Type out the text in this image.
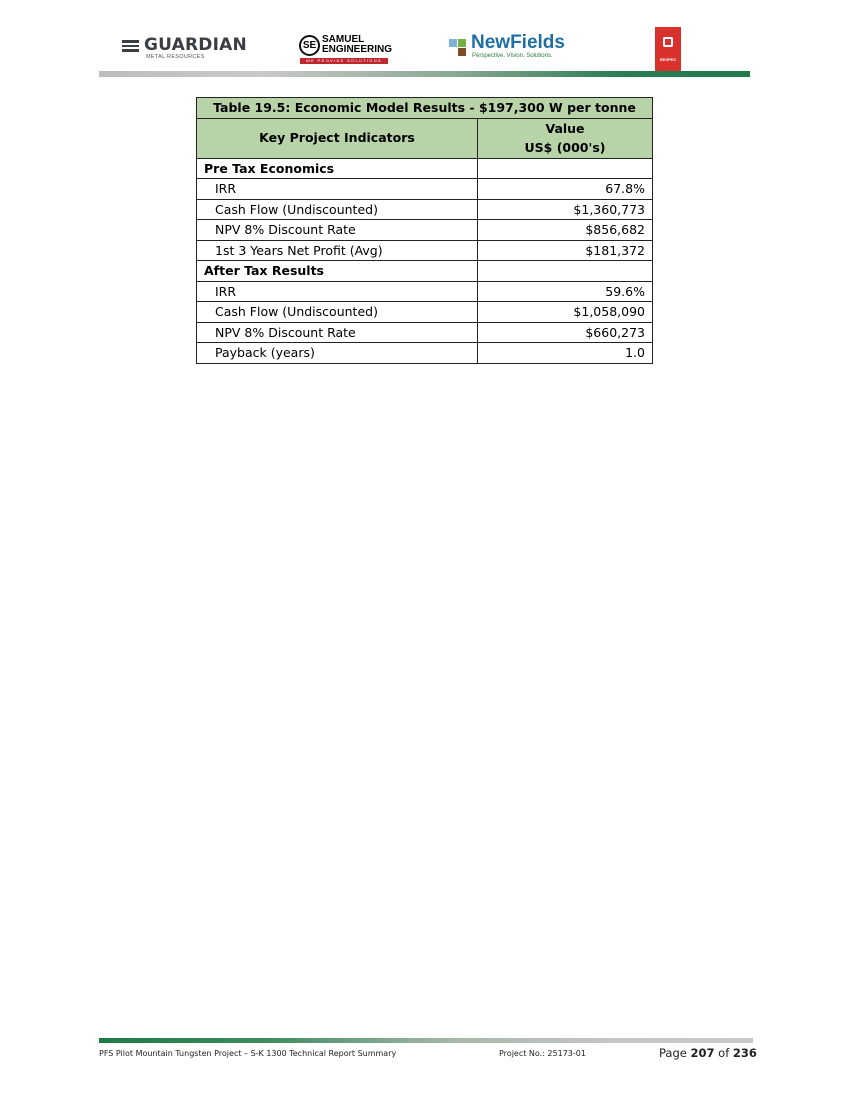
GUARDIAN
METAL RESOURCES
SE
SAMUEL
ENGINEERING
WE PROVIDE SOLUTIONS
NewFields
Perspective. Vision. Solutions.
RESPEC
Table 19.5: Economic Model Results - $197,300 W per tonne	
Key Project Indicators	Value
US$ (000's)

Pre Tax Economics	
IRR	67.8%
Cash Flow (Undiscounted)	$1,360,773
NPV 8% Discount Rate	$856,682
1st 3 Years Net Profit (Avg)	$181,372
After Tax Results	
IRR	59.6%
Cash Flow (Undiscounted)	$1,058,090
NPV 8% Discount Rate	$660,273
Payback (years)	1.0
PFS Pilot Mountain Tungsten Project – S-K 1300 Technical Report Summary	Project No.: 25173-01	Page 207 of 236
